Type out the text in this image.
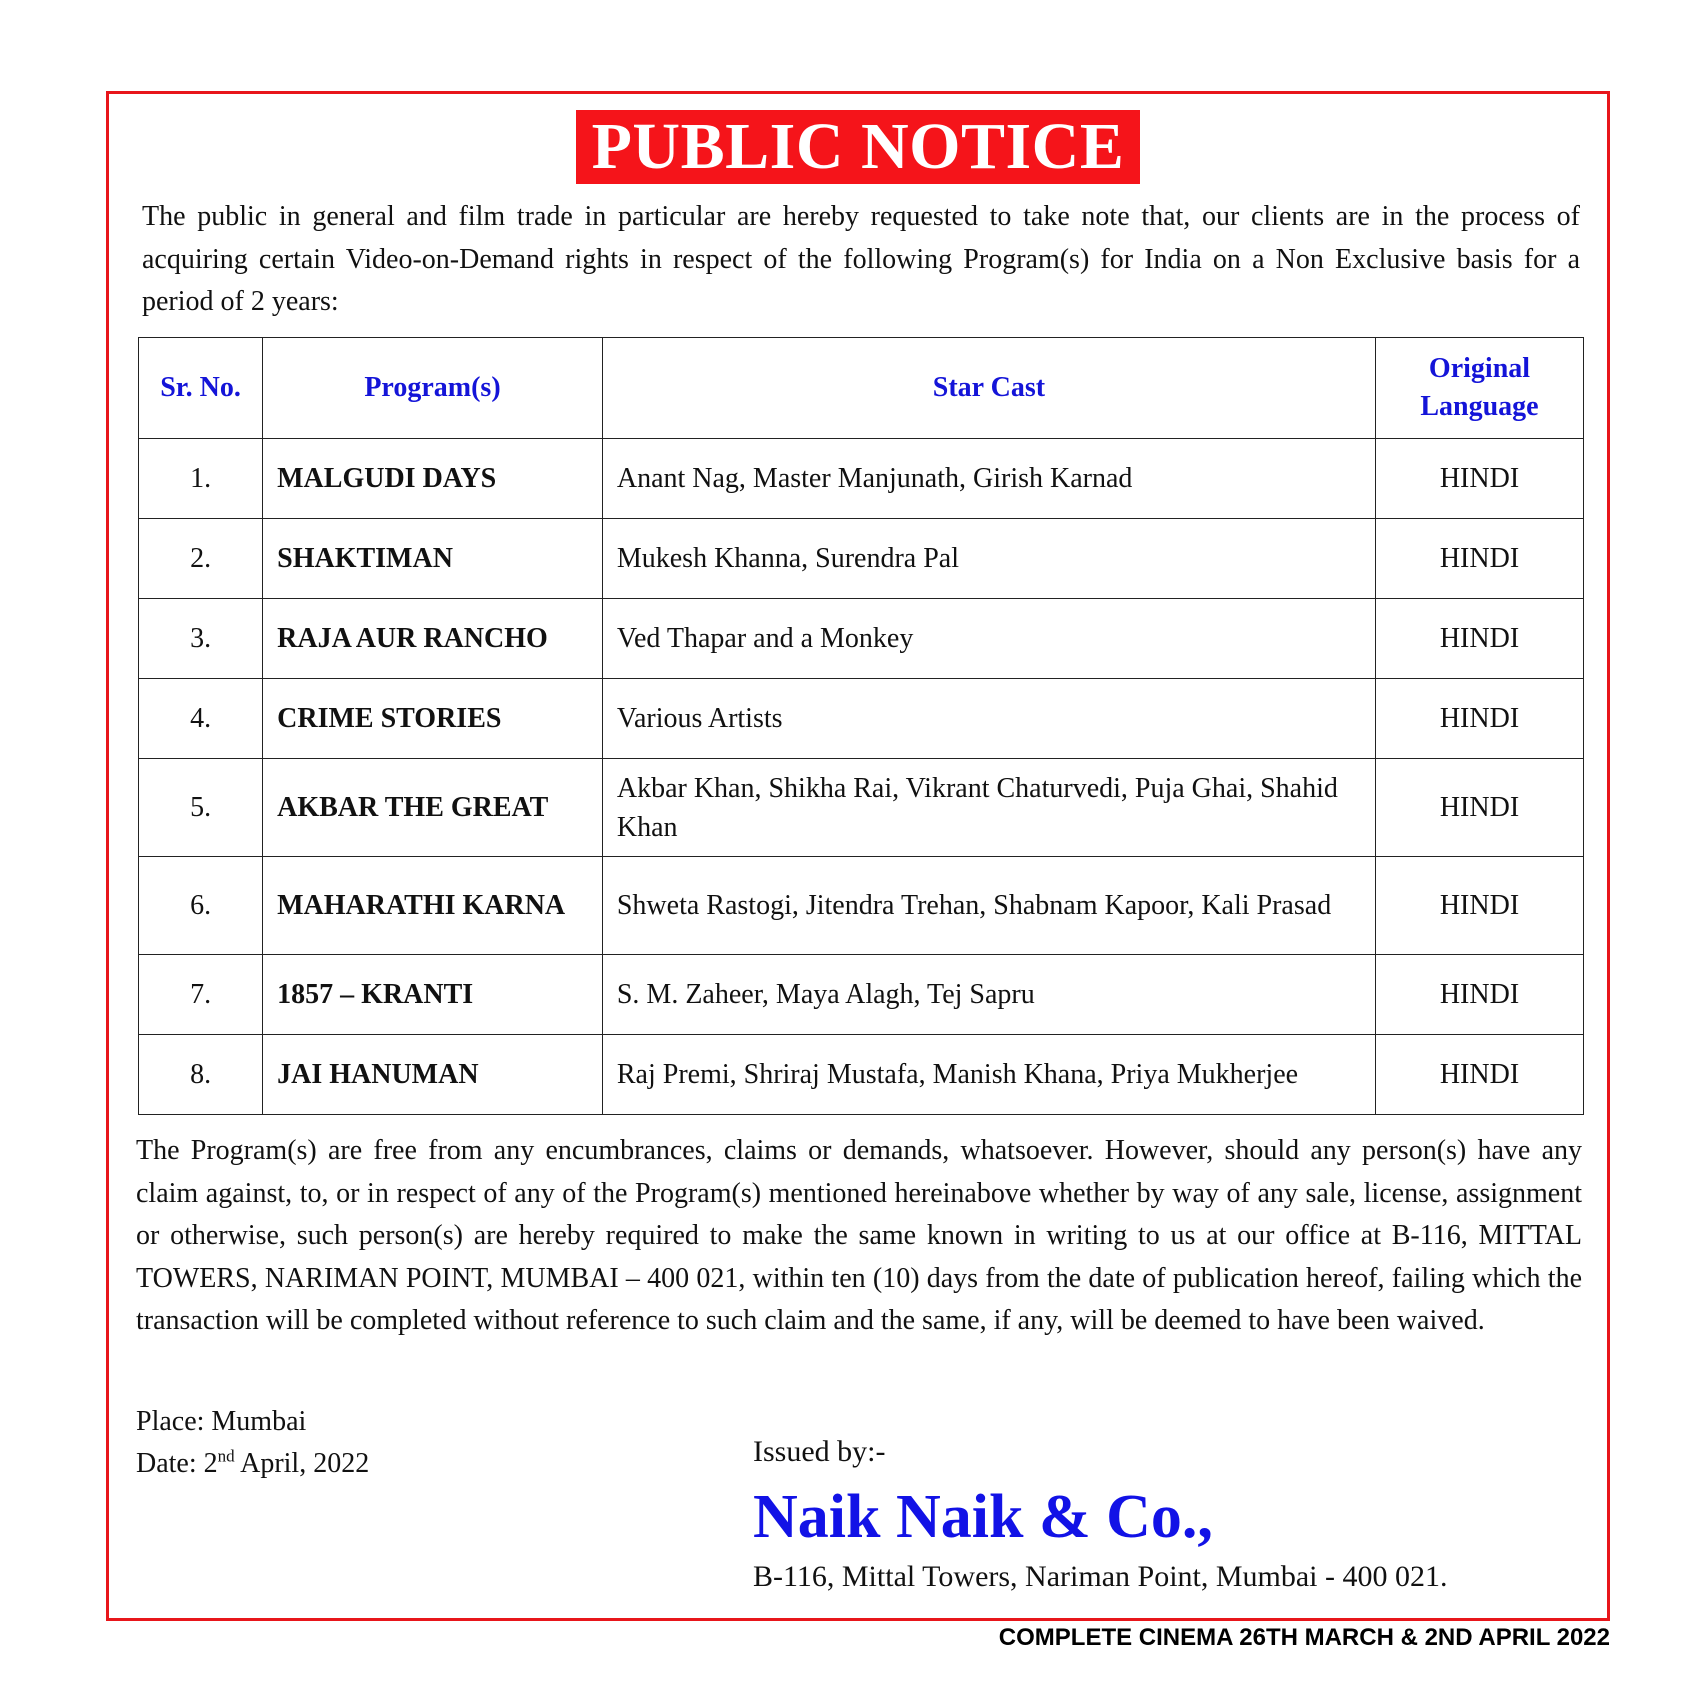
PUBLIC NOTICE
The public in general and film trade in particular are hereby requested to take note that, our clients are in the process of acquiring certain Video-on-Demand rights in respect of the following Program(s) for India on a Non Exclusive basis for a period of 2 years:
Sr. No.	Program(s)	Star Cast	Original Language
1.	MALGUDI DAYS	Anant Nag, Master Manjunath, Girish Karnad	HINDI
2.	SHAKTIMAN	Mukesh Khanna, Surendra Pal	HINDI
3.	RAJA AUR RANCHO	Ved Thapar and a Monkey	HINDI
4.	CRIME STORIES	Various Artists	HINDI
5.	AKBAR THE GREAT	Akbar Khan, Shikha Rai, Vikrant Chaturvedi, Puja Ghai, Shahid Khan	HINDI
6.	MAHARATHI KARNA	Shweta Rastogi, Jitendra Trehan, Shabnam Kapoor, Kali Prasad	HINDI
7.	1857 – KRANTI	S. M. Zaheer, Maya Alagh, Tej Sapru	HINDI
8.	JAI HANUMAN	Raj Premi, Shriraj Mustafa, Manish Khana, Priya Mukherjee	HINDI
The Program(s) are free from any encumbrances, claims or demands, whatsoever. However, should any person(s) have any claim against, to, or in respect of any of the Program(s) mentioned hereinabove whether by way of any sale, license, assignment or otherwise, such person(s) are hereby required to make the same known in writing to us at our office at B-116, MITTAL TOWERS, NARIMAN POINT, MUMBAI – 400 021, within ten (10) days from the date of publication hereof, failing which the transaction will be completed without reference to such claim and the same, if any, will be deemed to have been waived.
Place: Mumbai
Date: 2nd April, 2022	Issued by:-
Naik Naik & Co.,
B-116, Mittal Towers, Nariman Point, Mumbai - 400 021.
COMPLETE CINEMA 26TH MARCH & 2ND APRIL 2022
